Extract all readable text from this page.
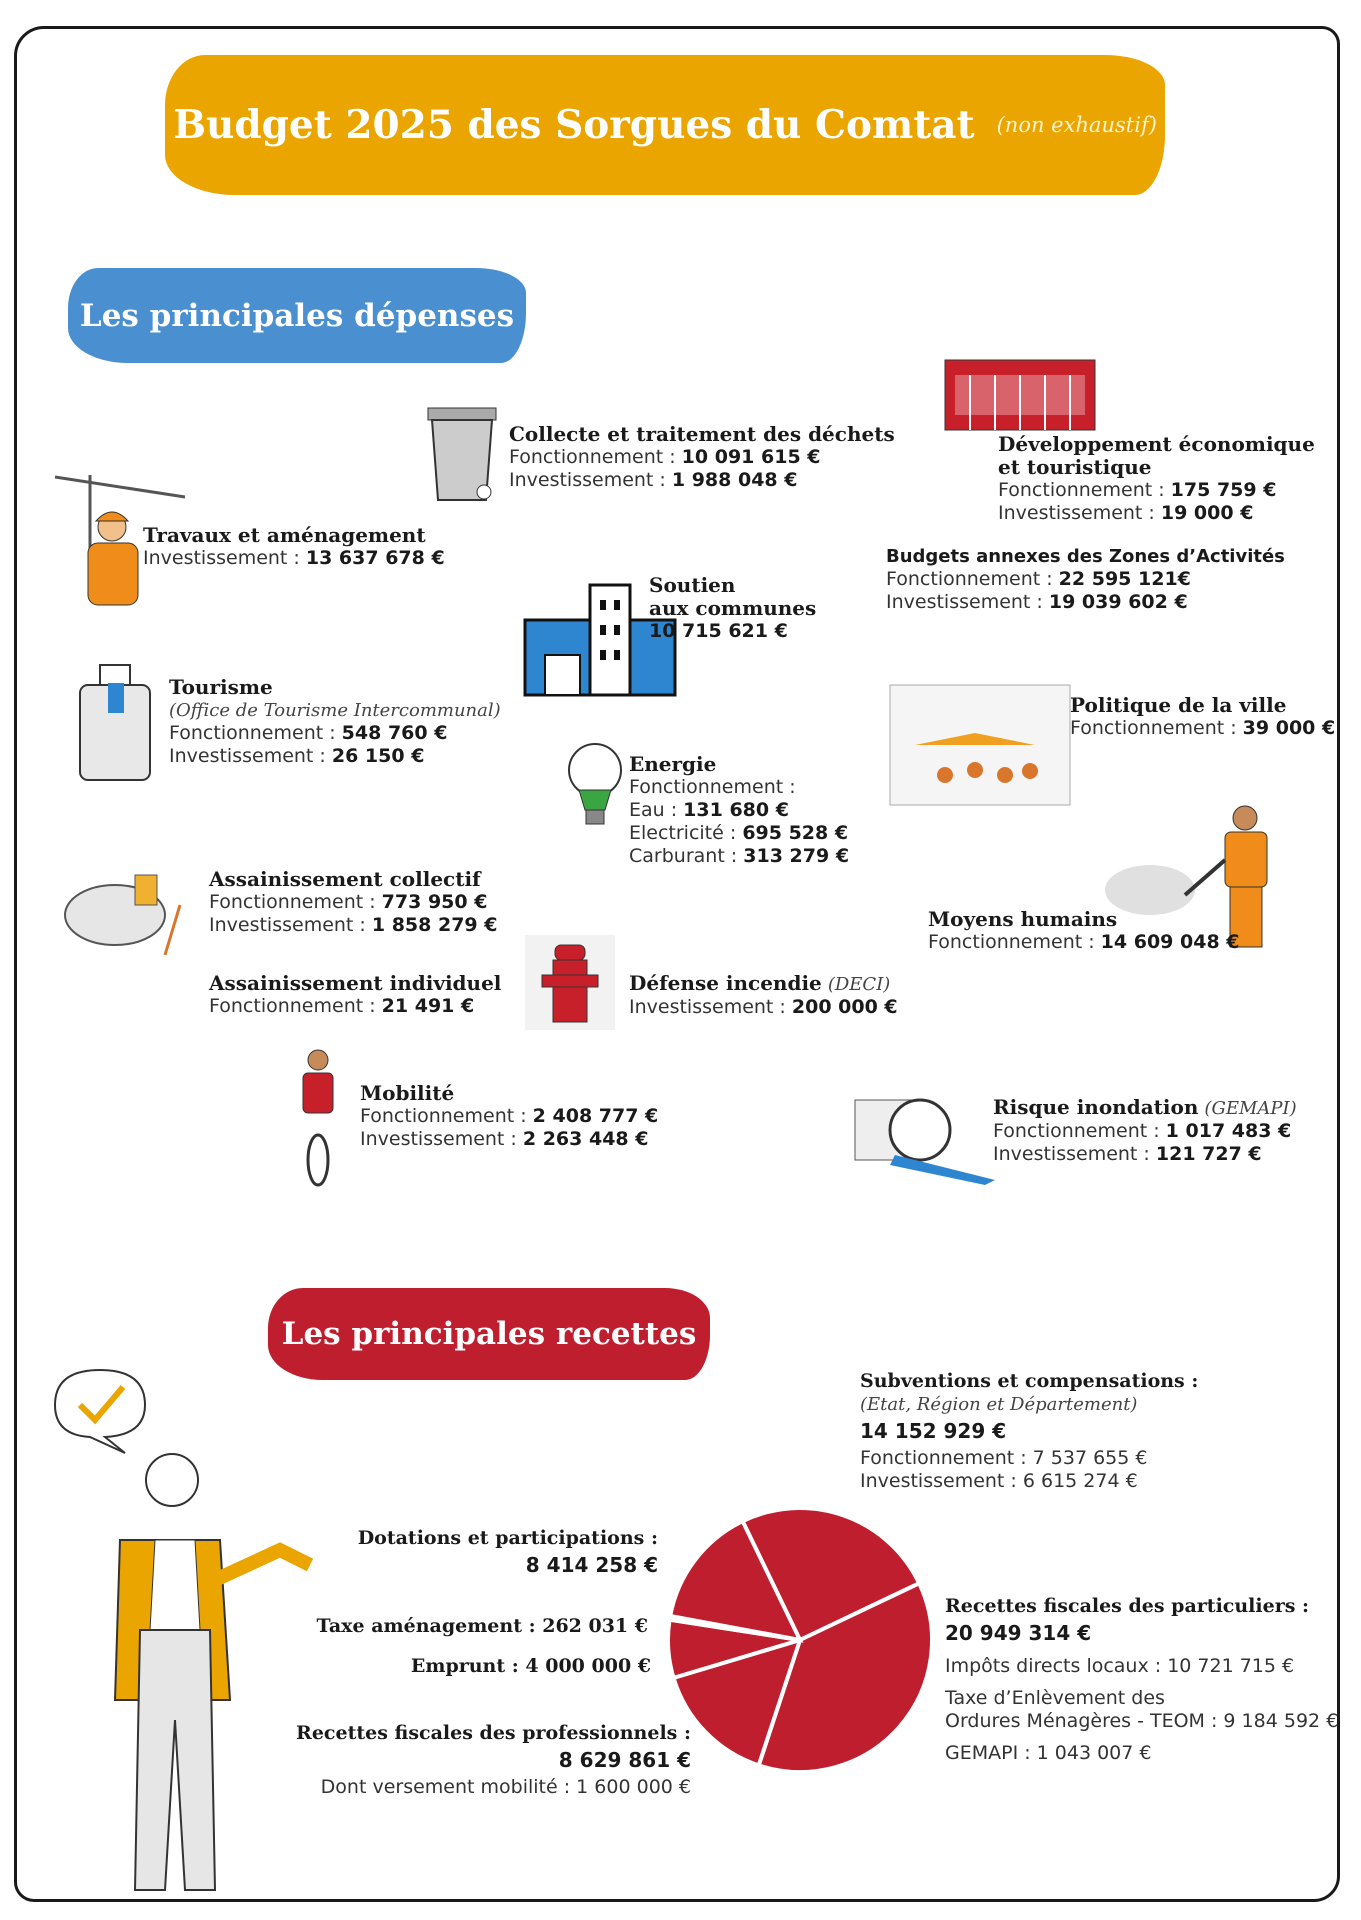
Budget 2025 des Sorgues du Comtat (non exhaustif)
Les principales dépenses
Travaux et aménagement
Investissement : 13 637 678 €
Collecte et traitement des déchets
Fonctionnement : 10 091 615 €
Investissement : 1 988 048 €
Développement économique
et touristique
Fonctionnement : 175 759 €
Investissement : 19 000 €
Budgets annexes des Zones d’Activités
Fonctionnement : 22 595 121€
Investissement : 19 039 602 €
Soutien
aux communes
10 715 621 €
Tourisme
(Office de Tourisme Intercommunal)
Fonctionnement : 548 760 €
Investissement : 26 150 €	Energie
Fonctionnement :
Eau : 131 680 €
Electricité : 695 528 €
Carburant : 313 279 €
Politique de la ville
Fonctionnement : 39 000 €
Assainissement collectif
Fonctionnement : 773 950 €
Investissement : 1 858 279 €
Assainissement individuel
Fonctionnement : 21 491 €
Moyens humains
Fonctionnement : 14 609 048 €
Défense incendie (DECI)
Investissement : 200 000 €
Mobilité
Fonctionnement : 2 408 777 €
Investissement : 2 263 448 €
Risque inondation (GEMAPI)
Fonctionnement : 1 017 483 €
Investissement : 121 727 €
Les principales recettes
Subventions et compensations :
(Etat, Région et Département)
14 152 929 €
Fonctionnement : 7 537 655 €
Investissement : 6 615 274 €
Dotations et participations :
8 414 258 €
Taxe aménagement : 262 031 €
Emprunt : 4 000 000 €
Recettes fiscales des professionnels :
8 629 861 €
Dont versement mobilité : 1 600 000 €
Recettes fiscales des particuliers :
20 949 314 €
Impôts directs locaux : 10 721 715 €
Taxe d’Enlèvement des
Ordures Ménagères - TEOM : 9 184 592 €
GEMAPI : 1 043 007 €
